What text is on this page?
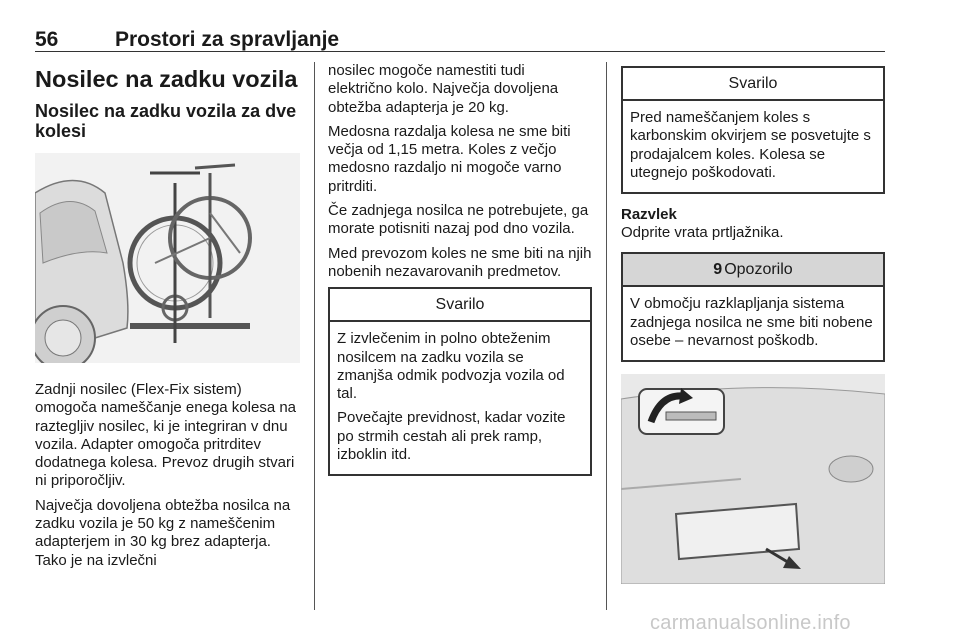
56	Prostori za spravljanje
Nosilec na zadku vozila
Nosilec na zadku vozila za dve kolesi

Zadnji nosilec (Flex-Fix sistem) omogoča nameščanje enega kolesa na raztegljiv nosilec, ki je integriran v dnu vozila. Adapter omogoča pritrditev dodatnega kolesa. Prevoz drugih stvari ni priporočljiv.

Največja dovoljena obtežba nosilca na zadku vozila je 50 kg z nameščenim adapterjem in 30 kg brez adapterja. Tako je na izvlečni

nosilec mogoče namestiti tudi električno kolo. Največja dovoljena obtežba adapterja je 20 kg.

Medosna razdalja kolesa ne sme biti večja od 1,15 metra. Koles z večjo medosno razdaljo ni mogoče varno pritrditi.

Če zadnjega nosilca ne potrebujete, ga morate potisniti nazaj pod dno vozila.

Med prevozom koles ne sme biti na njih nobenih nezavarovanih predmetov.

Svarilo

Z izvlečenim in polno obteženim nosilcem na zadku vozila se zmanjša odmik podvozja vozila od tal.

Povečajte previdnost, kadar vozite po strmih cestah ali prek ramp, izboklin itd.

Svarilo

Pred nameščanjem koles s karbonskim okvirjem se posvetujte s prodajalcem koles. Kolesa se utegnejo poškodovati.

Razvlek

Odprite vrata prtljažnika.

9 Opozorilo

V območju razklapljanja sistema zadnjega nosilca ne sme biti nobene osebe – nevarnost poškodb.

carmanualsonline.info
